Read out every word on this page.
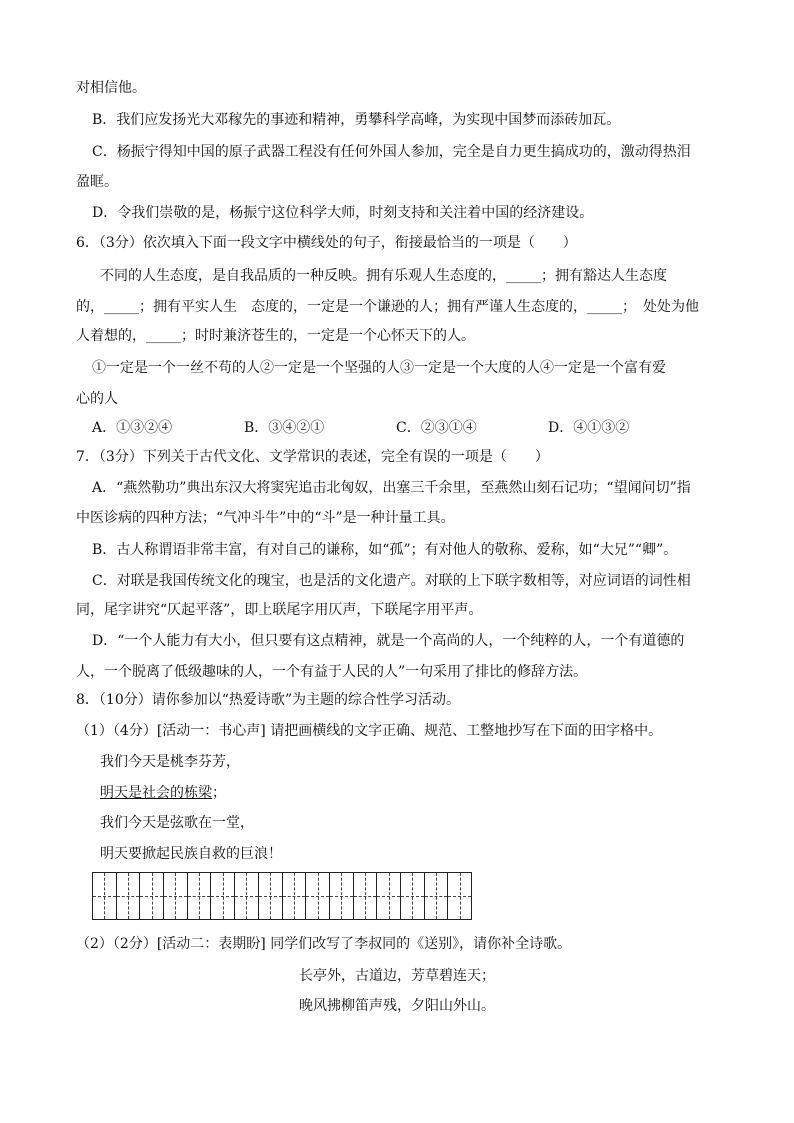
对相信他。
B．我们应发扬光大邓稼先的事迹和精神，勇攀科学高峰，为实现中国梦而添砖加瓦。
C．杨振宁得知中国的原子武器工程没有任何外国人参加，完全是自力更生搞成功的，激动得热泪
盈眶。
D．令我们崇敬的是，杨振宁这位科学大师，时刻支持和关注着中国的经济建设。
6．（3分）依次填入下面一段文字中横线处的句子，衔接最恰当的一项是（　　）
不同的人生态度，是自我品质的一种反映。拥有乐观人生态度的，_____；拥有豁达人生态度
的，_____；拥有平实人生　态度的，一定是一个谦逊的人；拥有严谨人生态度的，_____；　处处为他
人着想的，_____；时时兼济苍生的，一定是一个心怀天下的人。
①一定是一个一丝不苟的人②一定是一个坚强的人③一定是一个大度的人④一定是一个富有爱
心的人
A．①③②④	B．③④②①	C．②③①④	D．④①③②
7．（3分）下列关于古代文化、文学常识的表述，完全有误的一项是（　　）
A．“燕然勒功”典出东汉大将窦宪追击北匈奴，出塞三千余里，至燕然山刻石记功；“望闻问切”指
中医诊病的四种方法；“气冲斗牛”中的“斗”是一种计量工具。
B．古人称谓语非常丰富，有对自己的谦称，如“孤”；有对他人的敬称、爱称，如“大兄”“卿”。
C．对联是我国传统文化的瑰宝，也是活的文化遗产。对联的上下联字数相等，对应词语的词性相
同，尾字讲究“仄起平落”，即上联尾字用仄声，下联尾字用平声。
D．“一个人能力有大小，但只要有这点精神，就是一个高尚的人，一个纯粹的人，一个有道德的
人，一个脱离了低级趣味的人，一个有益于人民的人”一句采用了排比的修辞方法。
8．（10分）请你参加以“热爱诗歌”为主题的综合性学习活动。
（1）（4分）[活动一：书心声] 请把画横线的文字正确、规范、工整地抄写在下面的田字格中。
我们今天是桃李芬芳，
明天是社会的栋梁；
我们今天是弦歌在一堂，
明天要掀起民族自救的巨浪！
（2）（2分）[活动二：表期盼] 同学们改写了李叔同的《送别》，请你补全诗歌。
长亭外，古道边，芳草碧连天；
晚风拂柳笛声残，夕阳山外山。
